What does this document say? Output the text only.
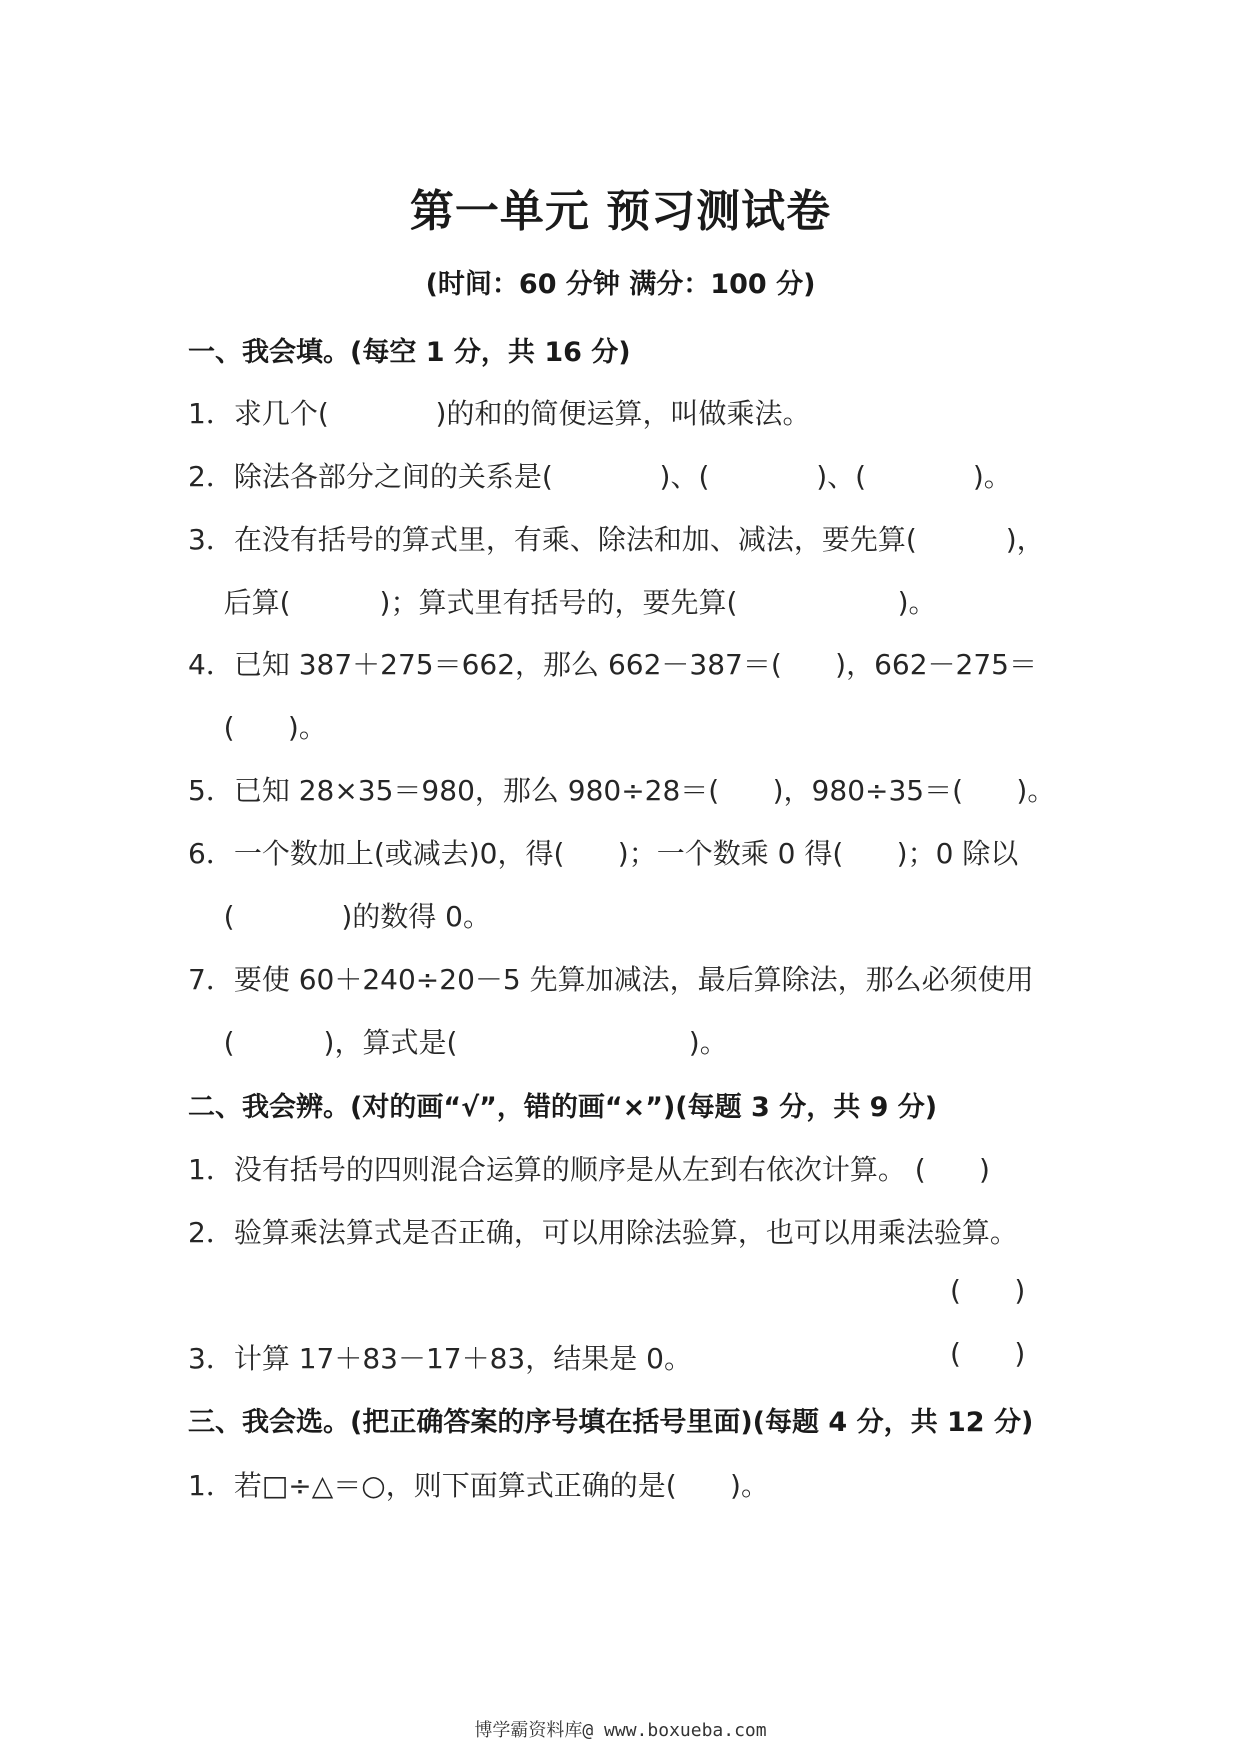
第一单元 预习测试卷
(时间：60 分钟 满分：100 分)
一、我会填。(每空 1 分，共 16 分)
1．求几个(            )的和的简便运算，叫做乘法。
2．除法各部分之间的关系是(            )、(            )、(            )。
3．在没有括号的算式里，有乘、除法和加、减法，要先算(          )，
后算(          )；算式里有括号的，要先算(                  )。
4．已知 387＋275＝662，那么 662－387＝(      )，662－275＝
(      )。
5．已知 28×35＝980，那么 980÷28＝(      )，980÷35＝(      )。
6．一个数加上(或减去)0，得(      )；一个数乘 0 得(      )；0 除以
(            )的数得 0。
7．要使 60＋240÷20－5 先算加减法，最后算除法，那么必须使用
(          )，算式是(                          )。
二、我会辨。(对的画“√”，错的画“×”)(每题 3 分，共 9 分)
1．没有括号的四则混合运算的顺序是从左到右依次计算。 (      )
2．验算乘法算式是否正确，可以用除法验算，也可以用乘法验算。
(      )
3．计算 17＋83－17＋83，结果是 0。	(      )
三、我会选。(把正确答案的序号填在括号里面)(每题 4 分，共 12 分)
1．若□÷△＝○，则下面算式正确的是(      )。
博学霸资料库@ www.boxueba.com
